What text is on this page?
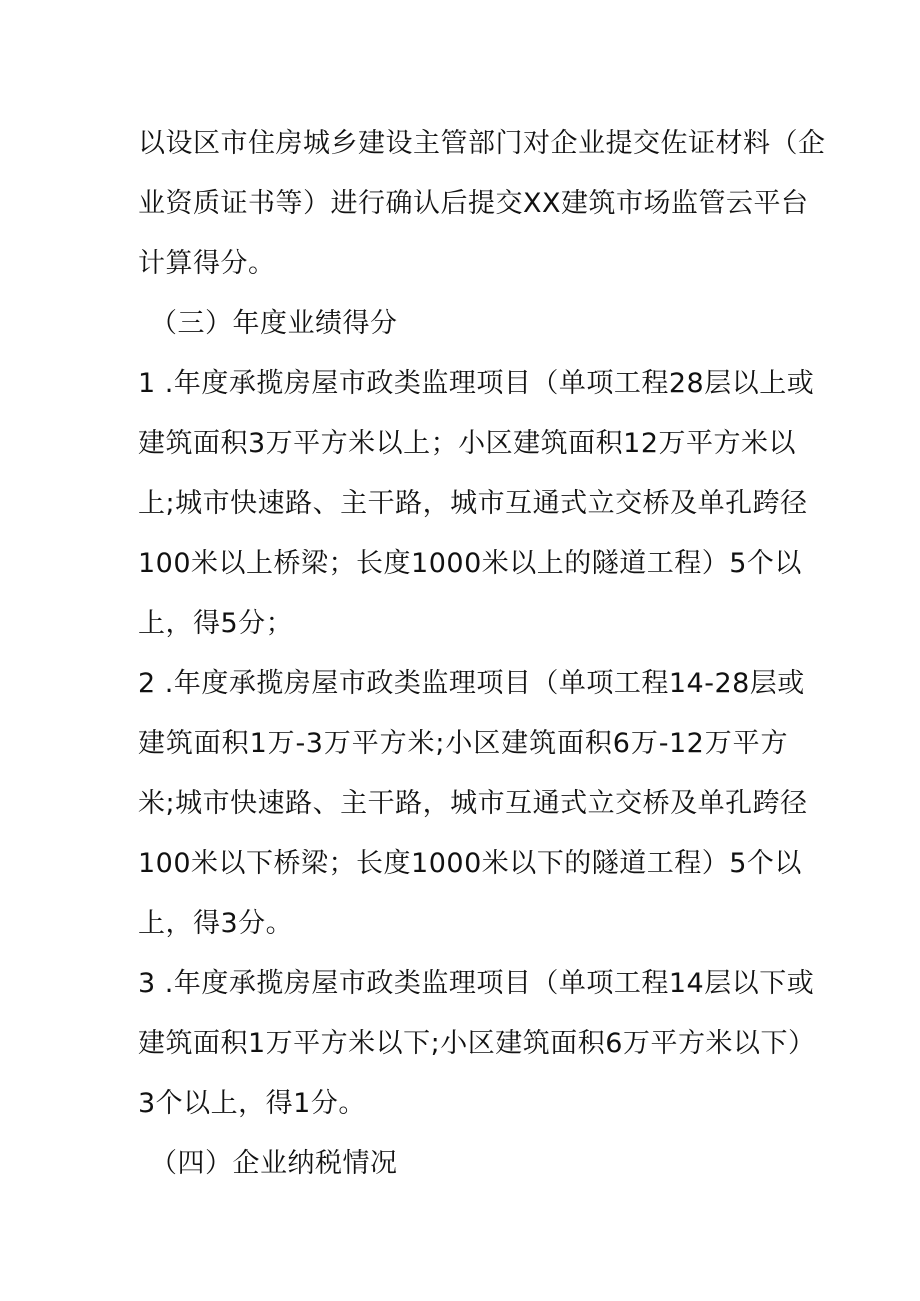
以设区市住房城乡建设主管部门对企业提交佐证材料（企
业资质证书等）进行确认后提交XX建筑市场监管云平台
计算得分。
（三）年度业绩得分
1 .年度承揽房屋市政类监理项目（单项工程28层以上或
建筑面积3万平方米以上；小区建筑面积12万平方米以
上;城市快速路、主干路，城市互通式立交桥及单孔跨径
100米以上桥梁；长度1000米以上的隧道工程）5个以
上，得5分；
2 .年度承揽房屋市政类监理项目（单项工程14-28层或
建筑面积1万-3万平方米;小区建筑面积6万-12万平方
米;城市快速路、主干路，城市互通式立交桥及单孔跨径
100米以下桥梁；长度1000米以下的隧道工程）5个以
上，得3分。
3 .年度承揽房屋市政类监理项目（单项工程14层以下或
建筑面积1万平方米以下;小区建筑面积6万平方米以下）
3个以上，得1分。
（四）企业纳税情况
